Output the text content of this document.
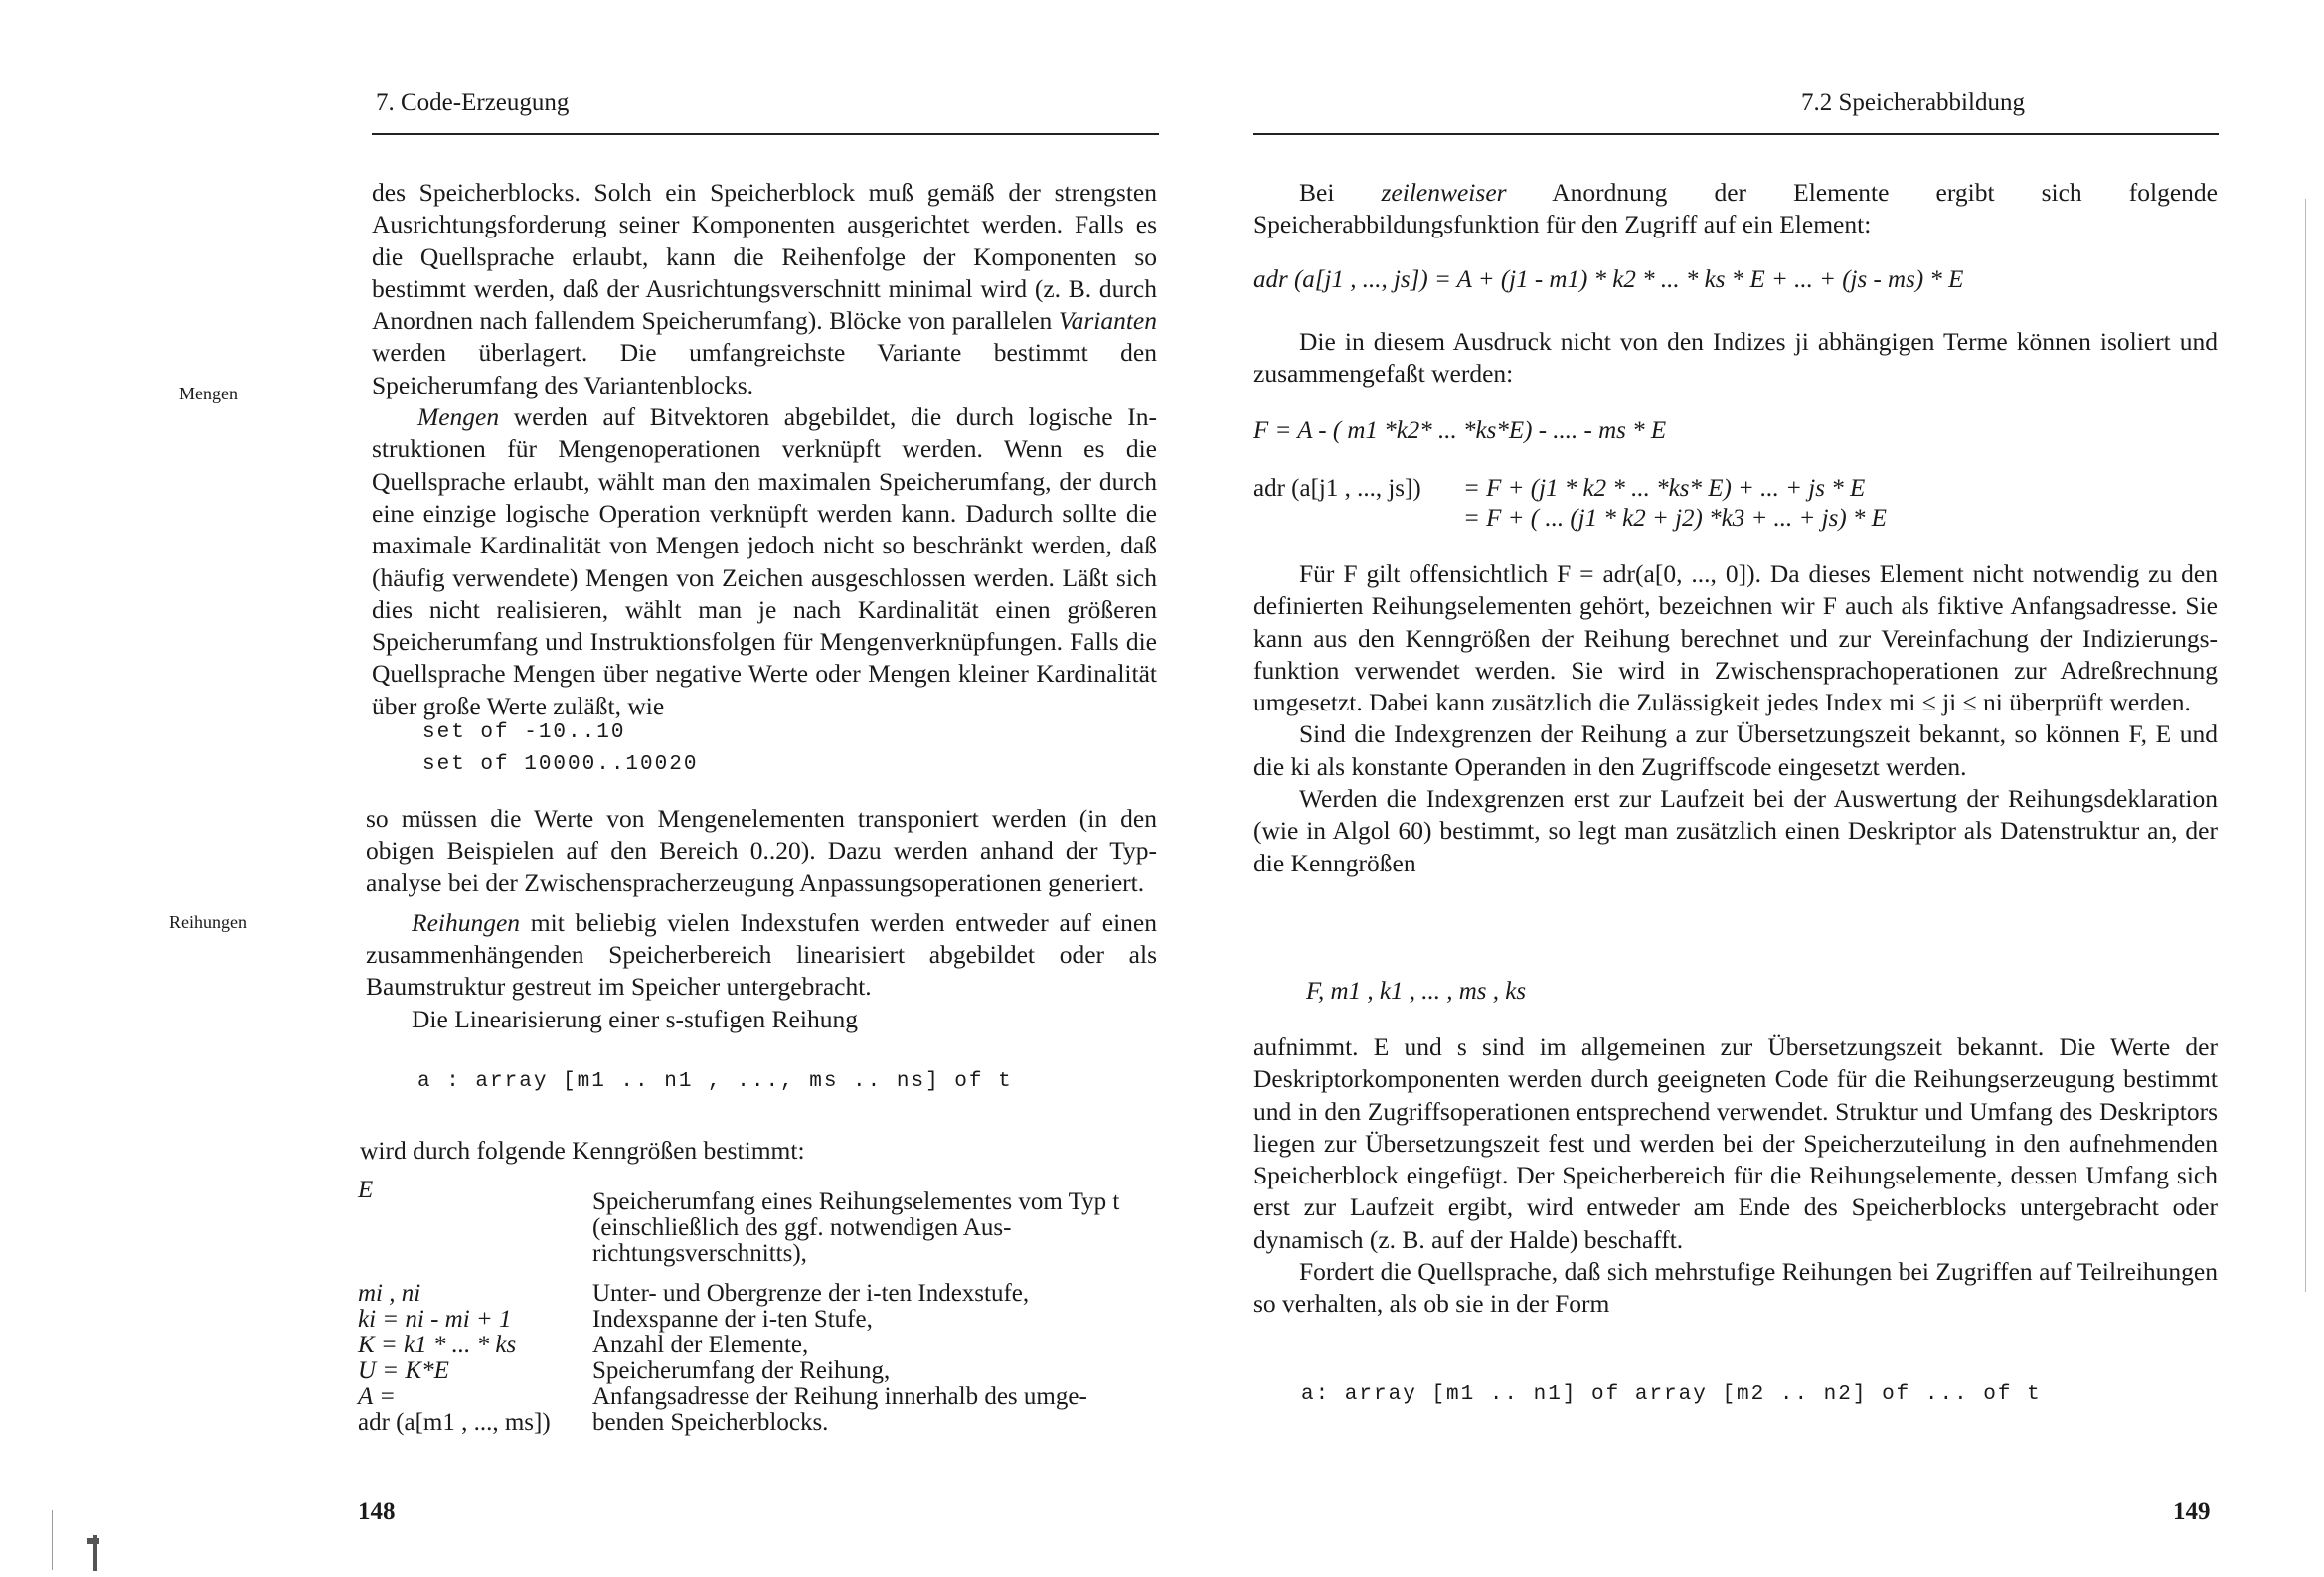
7. Code-Erzeugung
Mengen
Reihungen

des Speicherblocks. Solch ein Speicherblock muß gemäß der strengsten Ausrichtungsforderung seiner Komponenten ausgerichtet werden. Falls es die Quellsprache erlaubt, kann die Reihenfolge der Komponenten so bestimmt werden, daß der Ausrichtungsverschnitt minimal wird (z. B. durch Anordnen nach fallendem Speicherumfang). Blöcke von parallelen Varianten werden überlagert. Die umfangreichste Variante bestimmt den Speicherumfang des Variantenblocks.

Mengen werden auf Bitvektoren abgebildet, die durch logische Instruktionen für Mengenoperationen verknüpft werden. Wenn es die Quellsprache erlaubt, wählt man den maximalen Speicherumfang, der durch eine einzige logische Operation verknüpft werden kann. Dadurch sollte die maximale Kardinalität von Mengen jedoch nicht so beschränkt werden, daß (häufig verwendete) Mengen von Zeichen ausgeschlossen werden. Läßt sich dies nicht realisieren, wählt man je nach Kardinalität einen größeren Speicherumfang und Instruktionsfolgen für Mengenverknüpfungen. Falls die Quellsprache Mengen über negative Werte oder Mengen kleiner Kardinalität über große Werte zuläßt, wie

set of -10..10
set of 10000..10020

so müssen die Werte von Mengenelementen transponiert werden (in den obigen Beispielen auf den Bereich 0..20). Dazu werden anhand der Typanalyse bei der Zwischenspracherzeugung Anpassungsoperationen generiert.

Reihungen mit beliebig vielen Indexstufen werden entweder auf einen zusammenhängenden Speicherbereich linearisiert abgebildet oder als Baumstruktur gestreut im Speicher untergebracht.

Die Linearisierung einer s-stufigen Reihung

a : array [m1 .. n1 , ..., ms .. ns] of t
wird durch folgende Kenngrößen bestimmt:
E	Speicherumfang eines Reihungselementes vom Typ t (einschließlich des ggf. notwendigen Ausrichtungsverschnitts),
mi , ni	Unter- und Obergrenze der i-ten Indexstufe,
ki = ni - mi + 1	Indexspanne der i-ten Stufe,
K = k1 * ... * ks	Anzahl der Elemente,
U = K*E	Speicherumfang der Reihung,
A =	Anfangsadresse der Reihung innerhalb des umgebenden Speicherblocks.
adr (a[m1 , ..., ms])	
148
7.2 Speicherabbildung

Bei zeilenweiser Anordnung der Elemente ergibt sich folgende Speicherabbildungsfunktion für den Zugriff auf ein Element:

adr (a[j1 , ..., js]) = A + (j1 - m1) * k2 * ... * ks * E + ... + (js - ms) * E

Die in diesem Ausdruck nicht von den Indizes ji abhängigen Terme können isoliert und zusammengefaßt werden:

F = A - ( m1 *k2* ... *ks*E) - .... - ms * E
adr (a[j1 , ..., js]) = F + (j1 * k2 * ... *ks* E) + ... + js * E
= F + ( ... (j1 * k2 + j2) *k3 + ... + js) * E

Für F gilt offensichtlich F = adr(a[0, ..., 0]). Da dieses Element nicht notwendig zu den definierten Reihungselementen gehört, bezeichnen wir F auch als fiktive Anfangsadresse. Sie kann aus den Kenngrößen der Reihung berechnet und zur Vereinfachung der Indizierungsfunktion verwendet werden. Sie wird in Zwischensprachoperationen zur Adreßrechnung umgesetzt. Dabei kann zusätzlich die Zulässigkeit jedes Index mi ≤ ji ≤ ni überprüft werden.

Sind die Indexgrenzen der Reihung a zur Übersetzungszeit bekannt, so können F, E und die ki als konstante Operanden in den Zugriffscode eingesetzt werden.

Werden die Indexgrenzen erst zur Laufzeit bei der Auswertung der Reihungsdeklaration (wie in Algol 60) bestimmt, so legt man zusätzlich einen Deskriptor als Datenstruktur an, der die Kenngrößen

F, m1 , k1 , ... , ms , ks

aufnimmt. E und s sind im allgemeinen zur Übersetzungszeit bekannt. Die Werte der Deskriptorkomponenten werden durch geeigneten Code für die Reihungserzeugung bestimmt und in den Zugriffsoperationen entsprechend verwendet. Struktur und Umfang des Deskriptors liegen zur Übersetzungszeit fest und werden bei der Speicherzuteilung in den aufnehmenden Speicherblock eingefügt. Der Speicherbereich für die Reihungselemente, dessen Umfang sich erst zur Laufzeit ergibt, wird entweder am Ende des Speicherblocks untergebracht oder dynamisch (z. B. auf der Halde) beschafft.

Fordert die Quellsprache, daß sich mehrstufige Reihungen bei Zugriffen auf Teilreihungen so verhalten, als ob sie in der Form

a: array [m1 .. n1] of array [m2 .. n2] of ... of t
149
